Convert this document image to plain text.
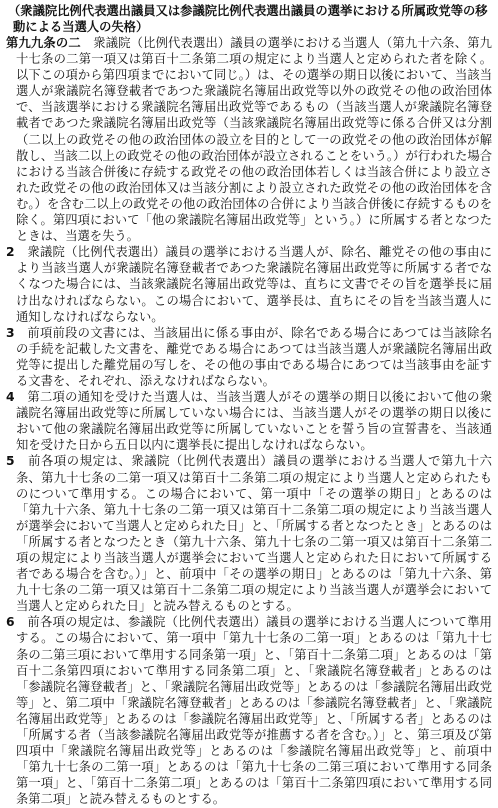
（衆議院比例代表選出議員又は参議院比例代表選出議員の選挙における所属政党等の移動による当選人の失格）

第九九条の二　 衆議院（比例代表選出）議員の選挙における当選人（第九十六条、第九十七条の二第一項又は第百十二条第二項の規定により当選人と定められた者を除く。以下この項から第四項までにおいて同じ。）は、その選挙の期日以後において、当該当選人が衆議院名簿登載者であつた衆議院名簿届出政党等以外の政党その他の政治団体で、当該選挙における衆議院名簿届出政党等であるもの（当該当選人が衆議院名簿登載者であつた衆議院名簿届出政党等（当該衆議院名簿届出政党等に係る合併又は分割（二以上の政党その他の政治団体の設立を目的として一の政党その他の政治団体が解散し、当該二以上の政党その他の政治団体が設立されることをいう。）が行われた場合における当該合併後に存続する政党その他の政治団体若しくは当該合併により設立された政党その他の政治団体又は当該分割により設立された政党その他の政治団体を含む。）を含む二以上の政党その他の政治団体の合併により当該合併後に存続するものを除く。第四項において「他の衆議院名簿届出政党等」という。）に所属する者となつたときは、当選を失う。

2　 衆議院（比例代表選出）議員の選挙における当選人が、除名、離党その他の事由により当該当選人が衆議院名簿登載者であつた衆議院名簿届出政党等に所属する者でなくなつた場合には、当該衆議院名簿届出政党等は、直ちに文書でその旨を選挙長に届け出なければならない。この場合において、選挙長は、直ちにその旨を当該当選人に通知しなければならない。

3　 前項前段の文書には、当該届出に係る事由が、除名である場合にあつては当該除名の手続を記載した文書を、離党である場合にあつては当該当選人が衆議院名簿届出政党等に提出した離党届の写しを、その他の事由である場合にあつては当該事由を証する文書を、それぞれ、添えなければならない。

4　 第二項の通知を受けた当選人は、当該当選人がその選挙の期日以後において他の衆議院名簿届出政党等に所属していない場合には、当該当選人がその選挙の期日以後において他の衆議院名簿届出政党等に所属していないことを誓う旨の宣誓書を、当該通知を受けた日から五日以内に選挙長に提出しなければならない。

5　 前各項の規定は、衆議院（比例代表選出）議員の選挙における当選人で第九十六条、第九十七条の二第一項又は第百十二条第二項の規定により当選人と定められたものについて準用する。この場合において、第一項中「その選挙の期日」とあるのは「第九十六条、第九十七条の二第一項又は第百十二条第二項の規定により当該当選人が選挙会において当選人と定められた日」と、「所属する者となつたとき」とあるのは「所属する者となつたとき（第九十六条、第九十七条の二第一項又は第百十二条第二項の規定により当該当選人が選挙会において当選人と定められた日において所属する者である場合を含む。）」と、前項中「その選挙の期日」とあるのは「第九十六条、第九十七条の二第一項又は第百十二条第二項の規定により当該当選人が選挙会において当選人と定められた日」と読み替えるものとする。

6　 前各項の規定は、参議院（比例代表選出）議員の選挙における当選人について準用する。この場合において、第一項中「第九十七条の二第一項」とあるのは「第九十七条の二第三項において準用する同条第一項」と、「第百十二条第二項」とあるのは「第百十二条第四項において準用する同条第二項」と、「衆議院名簿登載者」とあるのは「参議院名簿登載者」と、「衆議院名簿届出政党等」とあるのは「参議院名簿届出政党等」と、第二項中「衆議院名簿登載者」とあるのは「参議院名簿登載者」と、「衆議院名簿届出政党等」とあるのは「参議院名簿届出政党等」と、「所属する者」とあるのは「所属する者（当該参議院名簿届出政党等が推薦する者を含む。）」と、第三項及び第四項中「衆議院名簿届出政党等」とあるのは「参議院名簿届出政党等」と、前項中「第九十七条の二第一項」とあるのは「第九十七条の二第三項において準用する同条第一項」と、「第百十二条第二項」とあるのは「第百十二条第四項において準用する同条第二項」と読み替えるものとする。
